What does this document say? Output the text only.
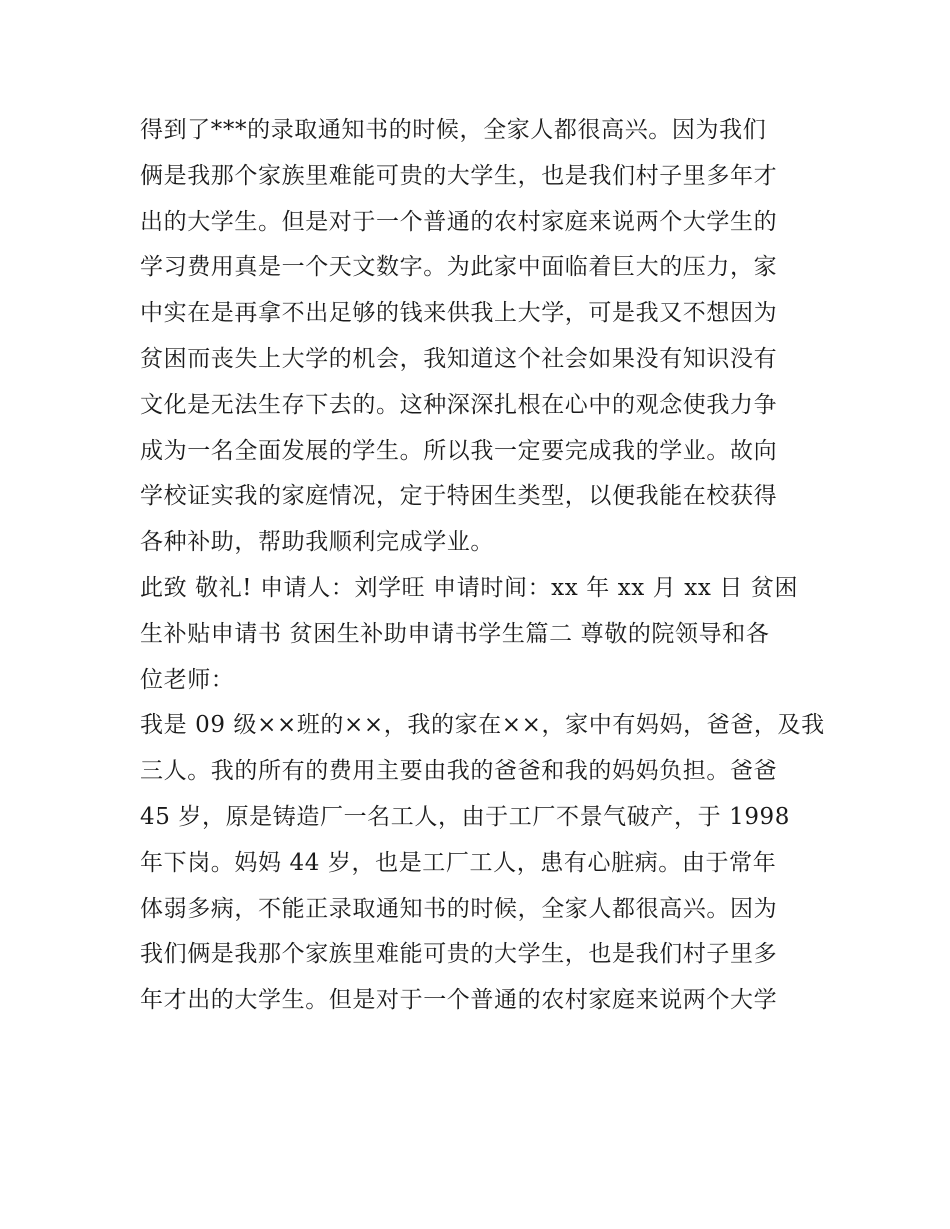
得到了***的录取通知书的时候，全家人都很高兴。因为我们
俩是我那个家族里难能可贵的大学生，也是我们村子里多年才
出的大学生。但是对于一个普通的农村家庭来说两个大学生的
学习费用真是一个天文数字。为此家中面临着巨大的压力，家
中实在是再拿不出足够的钱来供我上大学，可是我又不想因为
贫困而丧失上大学的机会，我知道这个社会如果没有知识没有
文化是无法生存下去的。这种深深扎根在心中的观念使我力争
成为一名全面发展的学生。所以我一定要完成我的学业。故向
学校证实我的家庭情况，定于特困生类型，以便我能在校获得
各种补助，帮助我顺利完成学业。
此致 敬礼! 申请人：刘学旺 申请时间：xx 年 xx 月 xx 日 贫困
生补贴申请书 贫困生补助申请书学生篇二 尊敬的院领导和各
位老师：
我是 09 级××班的××，我的家在××，家中有妈妈，爸爸，及我
三人。我的所有的费用主要由我的爸爸和我的妈妈负担。爸爸
45 岁，原是铸造厂一名工人，由于工厂不景气破产，于 1998
年下岗。妈妈 44 岁，也是工厂工人，患有心脏病。由于常年
体弱多病，不能正录取通知书的时候，全家人都很高兴。因为
我们俩是我那个家族里难能可贵的大学生，也是我们村子里多
年才出的大学生。但是对于一个普通的农村家庭来说两个大学
